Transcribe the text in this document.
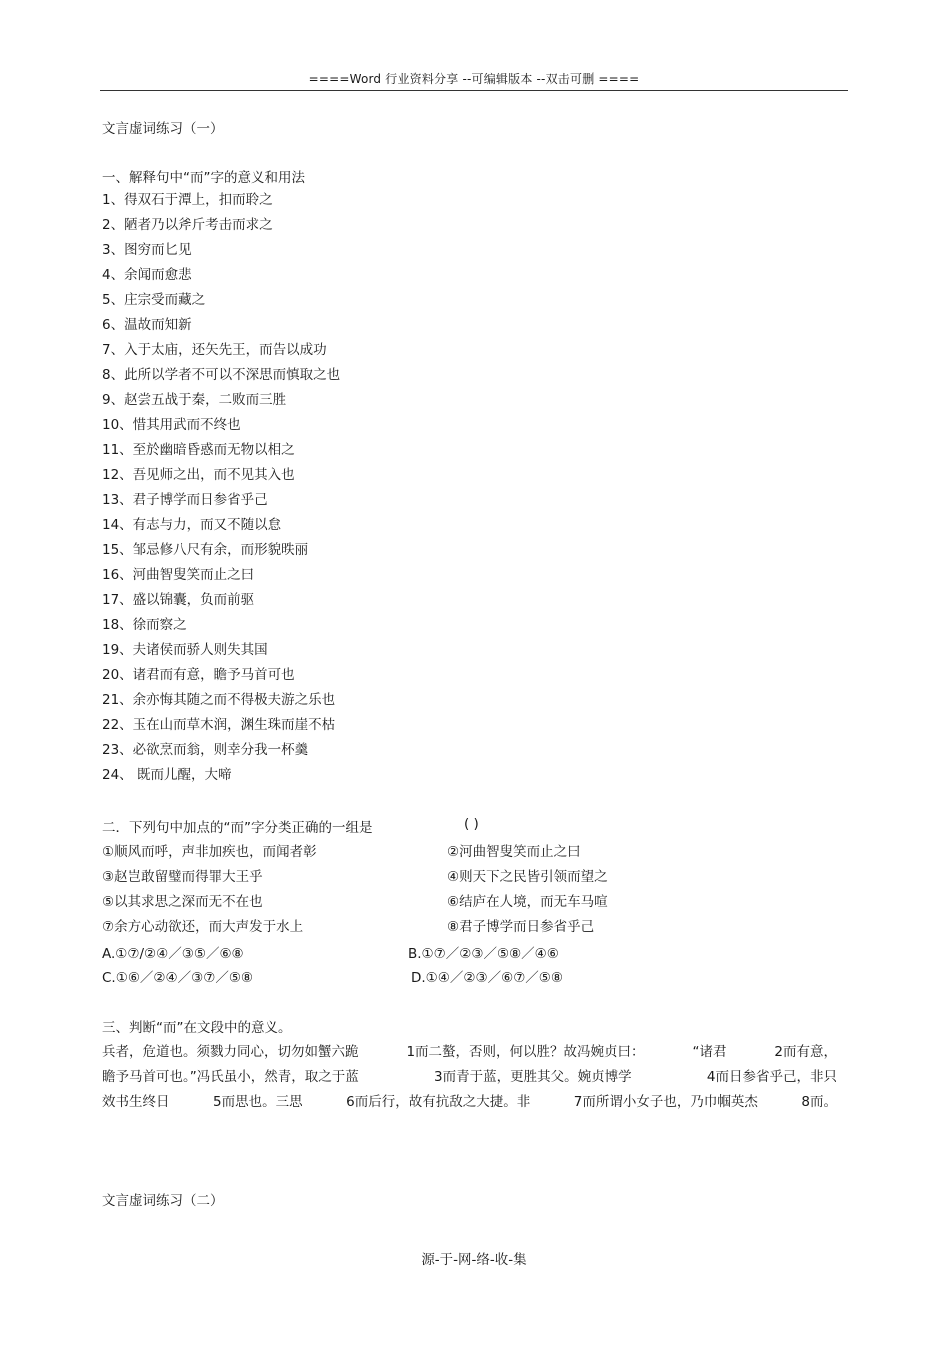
====Word 行业资料分享 --可编辑版本 --双击可删 ====
文言虚词练习（一）
一、解释句中“而”字的意义和用法
1、得双石于潭上，扣而聆之
2、陋者乃以斧斤考击而求之
3、图穷而匕见
4、余闻而愈悲
5、庄宗受而藏之
6、温故而知新
7、入于太庙，还矢先王，而告以成功
8、此所以学者不可以不深思而慎取之也
9、赵尝五战于秦，二败而三胜
10、惜其用武而不终也
11、至於幽暗昏惑而无物以相之
12、吾见师之出，而不见其入也
13、君子博学而日参省乎己
14、有志与力，而又不随以怠
15、邹忌修八尺有余，而形貌昳丽
16、河曲智叟笑而止之曰
17、盛以锦囊，负而前驱
18、徐而察之
19、夫诸侯而骄人则失其国
20、诸君而有意，瞻予马首可也
21、余亦悔其随之而不得极夫游之乐也
22、玉在山而草木润，渊生珠而崖不枯
23、必欲烹而翁，则幸分我一杯羹
24、 既而儿醒，大啼
二．下列句中加点的“而”字分类正确的一组是	( )
①顺风而呼，声非加疾也，而闻者彰	②河曲智叟笑而止之曰
③赵岂敢留璧而得罪大王乎	④则天下之民皆引领而望之
⑤以其求思之深而无不在也	⑥结庐在人境，而无车马喧
⑦余方心动欲还，而大声发于水上	⑧君子博学而日参省乎己
A.①⑦/②④／③⑤／⑥⑧	B.①⑦／②③／⑤⑧／④⑥
C.①⑥／②④／③⑦／⑤⑧	D.①④／②③／⑥⑦／⑤⑧
三、判断“而”在文段中的意义。
兵者，危道也。须戮力同心，切勿如蟹六跪	1而二螯，否则，何以胜？故冯婉贞曰：	“诸君	2而有意，
瞻予马首可也。”冯氏虽小，然青，取之于蓝	3而青于蓝，更胜其父。婉贞博学	4而日参省乎己，非只
效书生终日	5而思也。三思	6而后行，故有抗敌之大捷。非	7而所谓小女子也，乃巾帼英杰	8而。
文言虚词练习（二）
源-于-网-络-收-集
